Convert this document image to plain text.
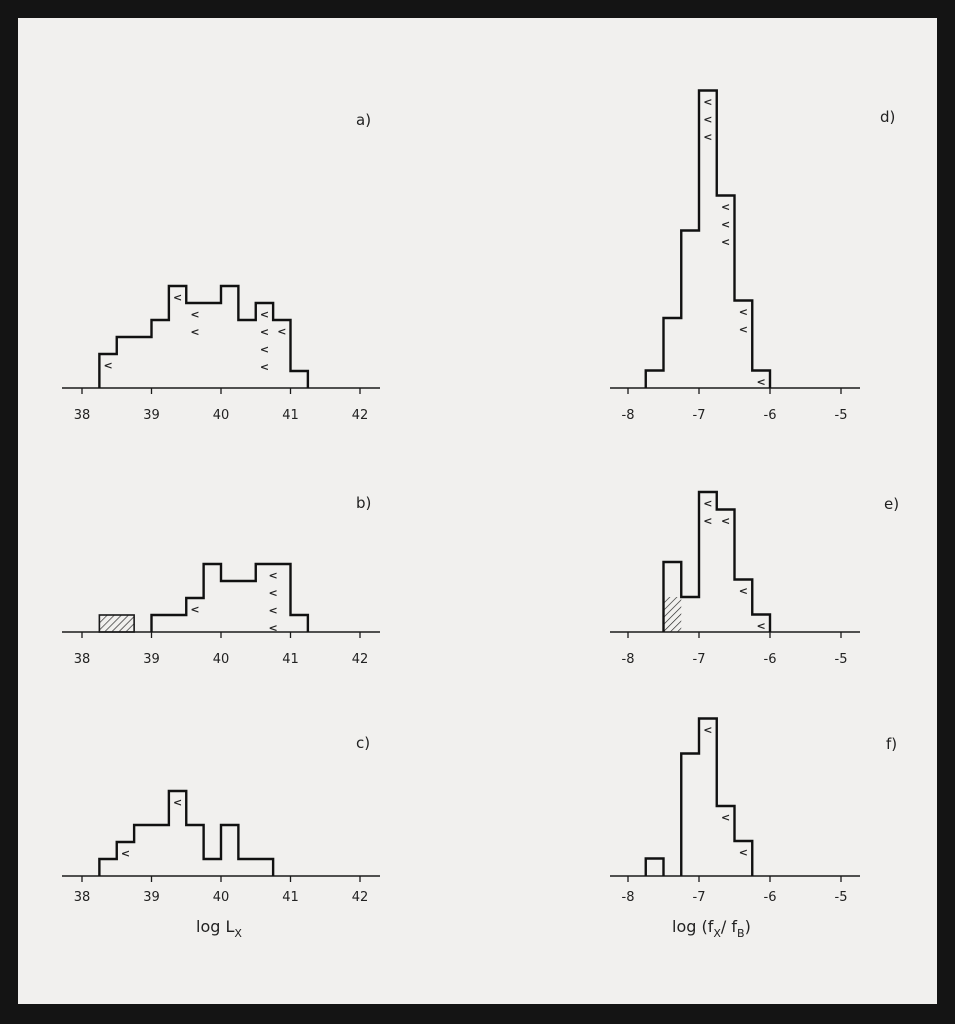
38	39	40	41	42
<
<
<
<
<
<
<
<
<
a)
38	39	40	41	42
<
<
<
<
<
b)
38	39	40	41	42
<
<
c)
$\log L_X$
-8	-7	-6	-5
<
<
<
<
<
<
<
<
<
d)
-8	-7	-6	-5
<
< <
<
<
e)
-8	-7	-6	-5
<
<
<
f)
$\log (f_X/$ $f_B$)
